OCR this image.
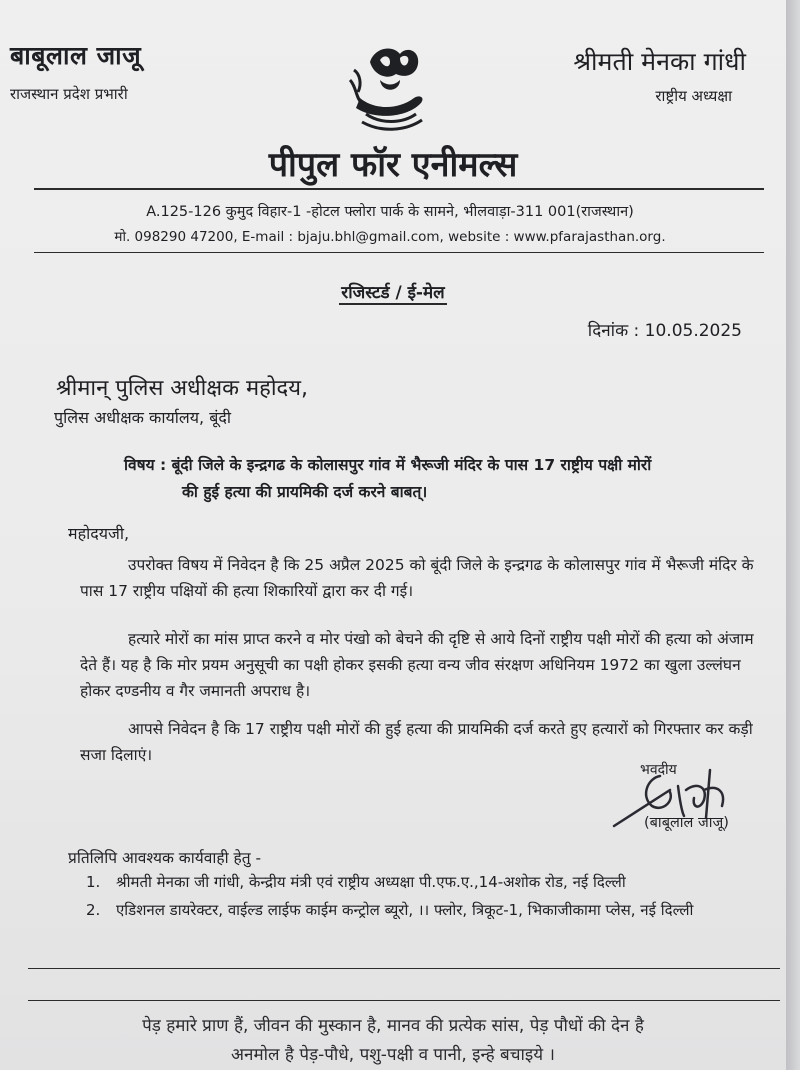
बाबूलाल जाजू
राजस्थान प्रदेश प्रभारी
श्रीमती मेनका गांधी
राष्ट्रीय अध्यक्षा
पीपुल फॉर एनीमल्स
A.125-126 कुमुद विहार-1 -होटल फ्लोरा पार्क के सामने, भीलवाड़ा-311 001(राजस्थान)
मो. 098290 47200, E-mail : bjaju.bhl@gmail.com, website : www.pfarajasthan.org.
रजिस्टर्ड / ई-मेल
दिनांक : 10.05.2025
श्रीमान् पुलिस अधीक्षक महोदय,
पुलिस अधीक्षक कार्यालय, बूंदी
विषय : बूंदी जिले के इन्द्रगढ के कोलासपुर गांव में भैरूजी मंदिर के पास 17 राष्ट्रीय पक्षी मोरों
की हुई हत्या की प्रायमिकी दर्ज करने बाबत्।
महोदयजी,
उपरोक्त विषय में निवेदन है कि 25 अप्रैल 2025 को बूंदी जिले के इन्द्रगढ के कोलासपुर गांव में भैरूजी मंदिर के पास 17 राष्ट्रीय पक्षियों की हत्या शिकारियों द्वारा कर दी गई।
हत्यारे मोरों का मांस प्राप्त करने व मोर पंखो को बेचने की दृष्टि से आये दिनों राष्ट्रीय पक्षी मोरों की हत्या को अंजाम देते हैं। यह है कि मोर प्रयम अनुसूची का पक्षी होकर इसकी हत्या वन्य जीव संरक्षण अधिनियम 1972 का खुला उल्लंघन होकर दण्डनीय व गैर जमानती अपराध है।
आपसे निवेदन है कि 17 राष्ट्रीय पक्षी मोरों की हुई हत्या की प्रायमिकी दर्ज करते हुए हत्यारों को गिरफ्तार कर कड़ी सजा दिलाएं।
भवदीय
(बाबूलाल जाजू)
प्रतिलिपि आवश्यक कार्यवाही हेतु -
1. श्रीमती मेनका जी गांधी, केन्द्रीय मंत्री एवं राष्ट्रीय अध्यक्षा पी.एफ.ए.,14-अशोक रोड, नई दिल्ली
2. एडिशनल डायरेक्टर, वाईल्ड लाईफ काईम कन्ट्रोल ब्यूरो, ।। फ्लोर, त्रिकूट-1, भिकाजीकामा प्लेस, नई दिल्ली
पेड़ हमारे प्राण हैं, जीवन की मुस्कान है, मानव की प्रत्येक सांस, पेड़ पौधों की देन है
अनमोल है पेड़-पौधे, पशु-पक्षी व पानी, इन्हे बचाइये ।
